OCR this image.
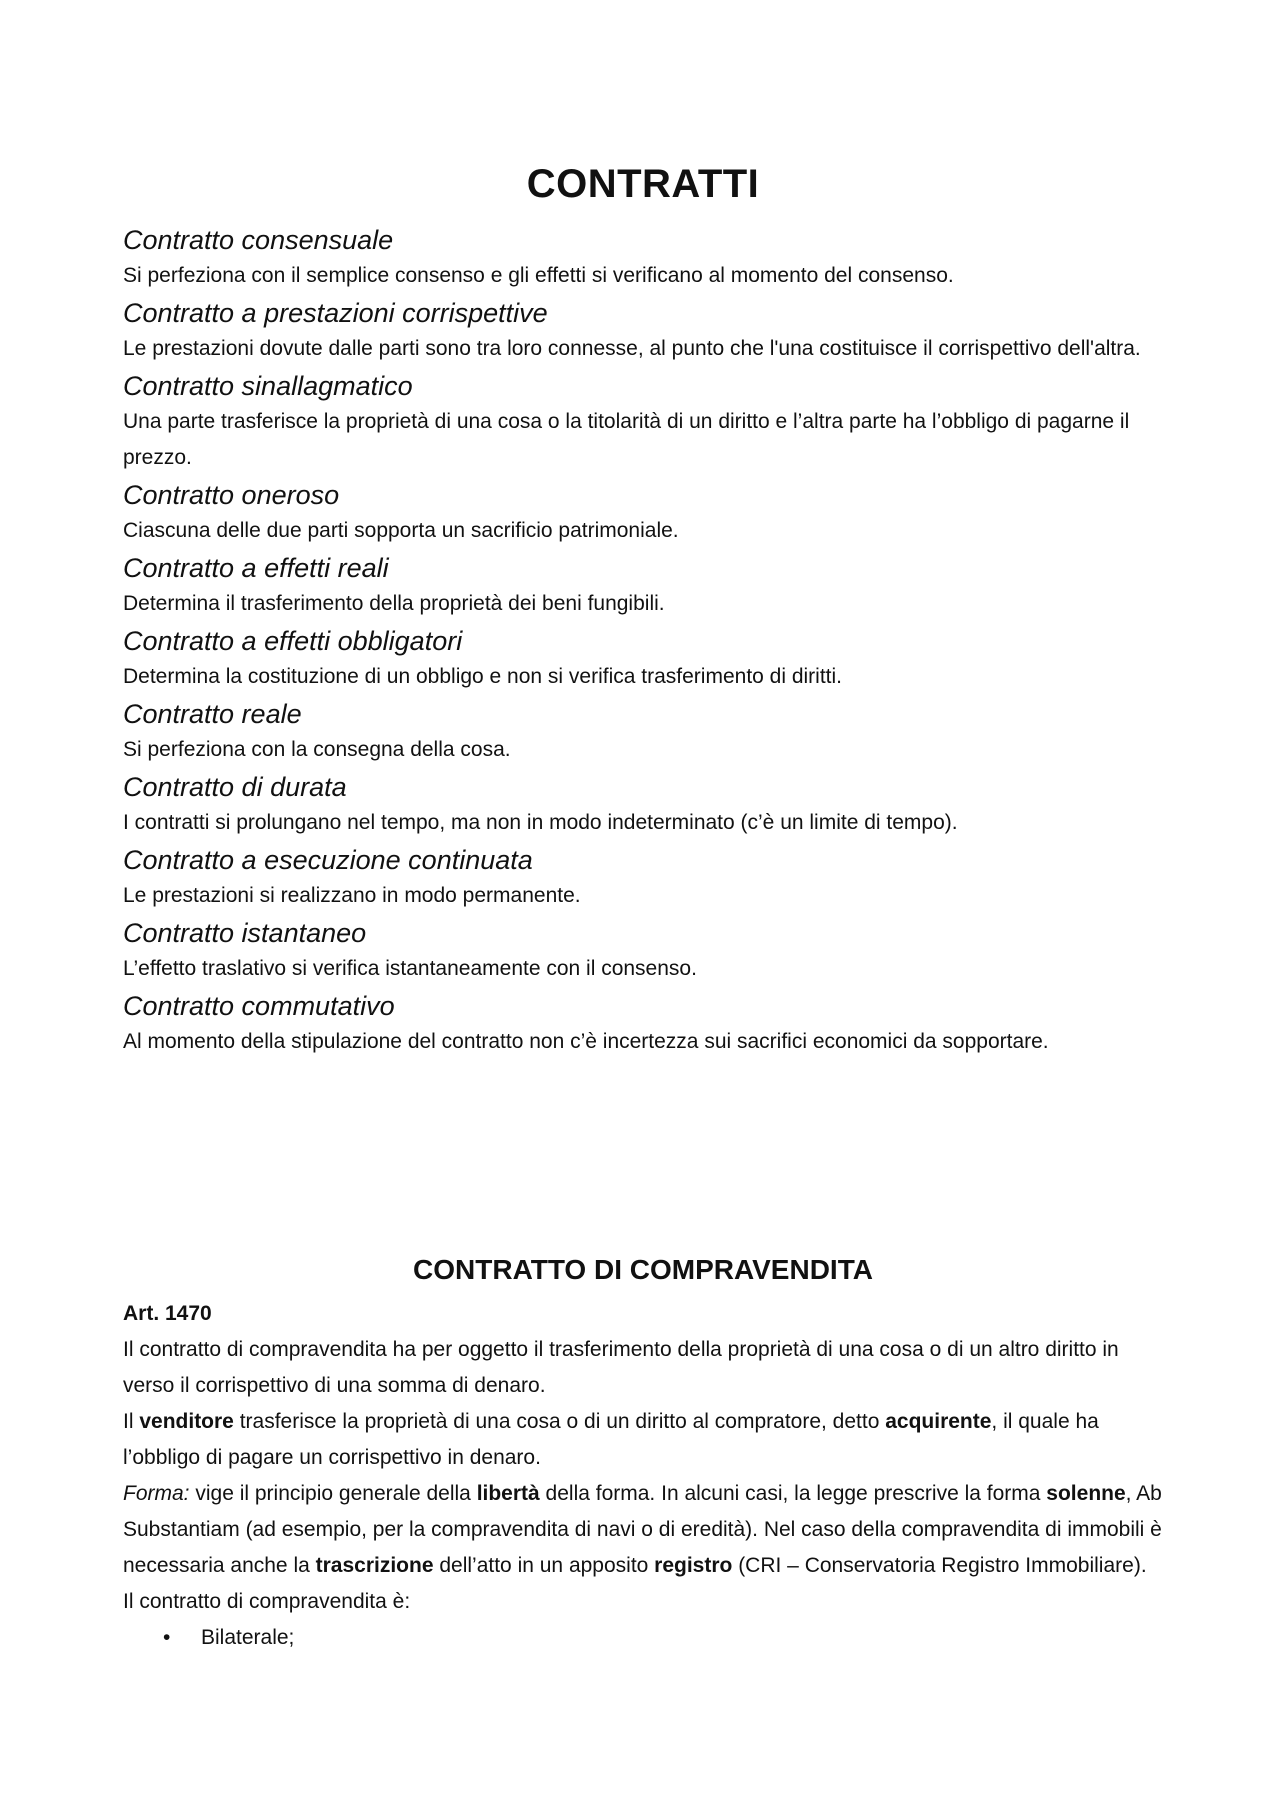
CONTRATTI

Contratto consensuale

Si perfeziona con il semplice consenso e gli effetti si verificano al momento del consenso.

Contratto a prestazioni corrispettive

Le prestazioni dovute dalle parti sono tra loro connesse, al punto che l'una costituisce il corrispettivo dell'altra.

Contratto sinallagmatico

Una parte trasferisce la proprietà di una cosa o la titolarità di un diritto e l’altra parte ha l’obbligo di pagarne il prezzo.

Contratto oneroso

Ciascuna delle due parti sopporta un sacrificio patrimoniale.

Contratto a effetti reali

Determina il trasferimento della proprietà dei beni fungibili.

Contratto a effetti obbligatori

Determina la costituzione di un obbligo e non si verifica trasferimento di diritti.

Contratto reale

Si perfeziona con la consegna della cosa.

Contratto di durata

I contratti si prolungano nel tempo, ma non in modo indeterminato (c’è un limite di tempo).

Contratto a esecuzione continuata

Le prestazioni si realizzano in modo permanente.

Contratto istantaneo

L’effetto traslativo si verifica istantaneamente con il consenso.

Contratto commutativo

Al momento della stipulazione del contratto non c’è incertezza sui sacrifici economici da sopportare.

CONTRATTO DI COMPRAVENDITA

Art. 1470

Il contratto di compravendita ha per oggetto il trasferimento della proprietà di una cosa o di un altro diritto in verso il corrispettivo di una somma di denaro.

Il venditore trasferisce la proprietà di una cosa o di un diritto al compratore, detto acquirente, il quale ha l’obbligo di pagare un corrispettivo in denaro.

Forma: vige il principio generale della libertà della forma. In alcuni casi, la legge prescrive la forma solenne, Ab Substantiam (ad esempio, per la compravendita di navi o di eredità). Nel caso della compravendita di immobili è necessaria anche la trascrizione dell’atto in un apposito registro (CRI – Conservatoria Registro Immobiliare).

Il contratto di compravendita è:

• Bilaterale;
